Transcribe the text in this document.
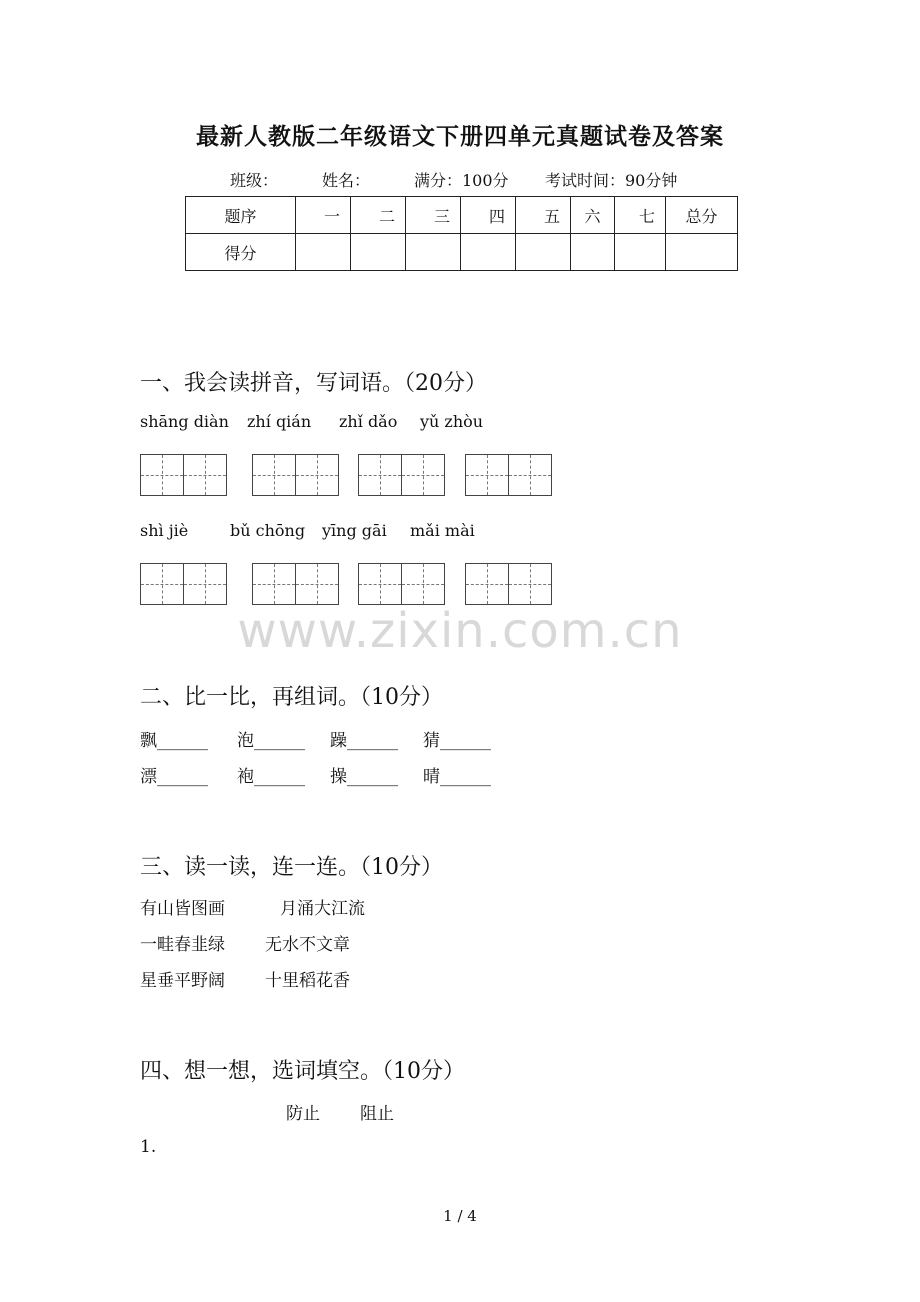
最新人教版二年级语文下册四单元真题试卷及答案
班级：	姓名：	满分：100分 考试时间：90分钟
题序	一	二	三	四	五	六	七	总分
得分								
一、我会读拼音，写词语。（20分）
shāng diàn zhí qián zhǐ dǎo yǔ zhòu
shì jiè	bǔ chōng yīng gāi mǎi mài
www.zixin.com.cn
二、比一比，再组词。（10分）
飘______ 泡______ 躁______ 猜______
漂______ 袍______ 操______ 晴______
三、读一读，连一连。（10分）
有山皆图画	月涌大江流
一畦春韭绿 无水不文章
星垂平野阔 十里稻花香
四、想一想，选词填空。（10分）
防止 阻止
1.
1 / 4
